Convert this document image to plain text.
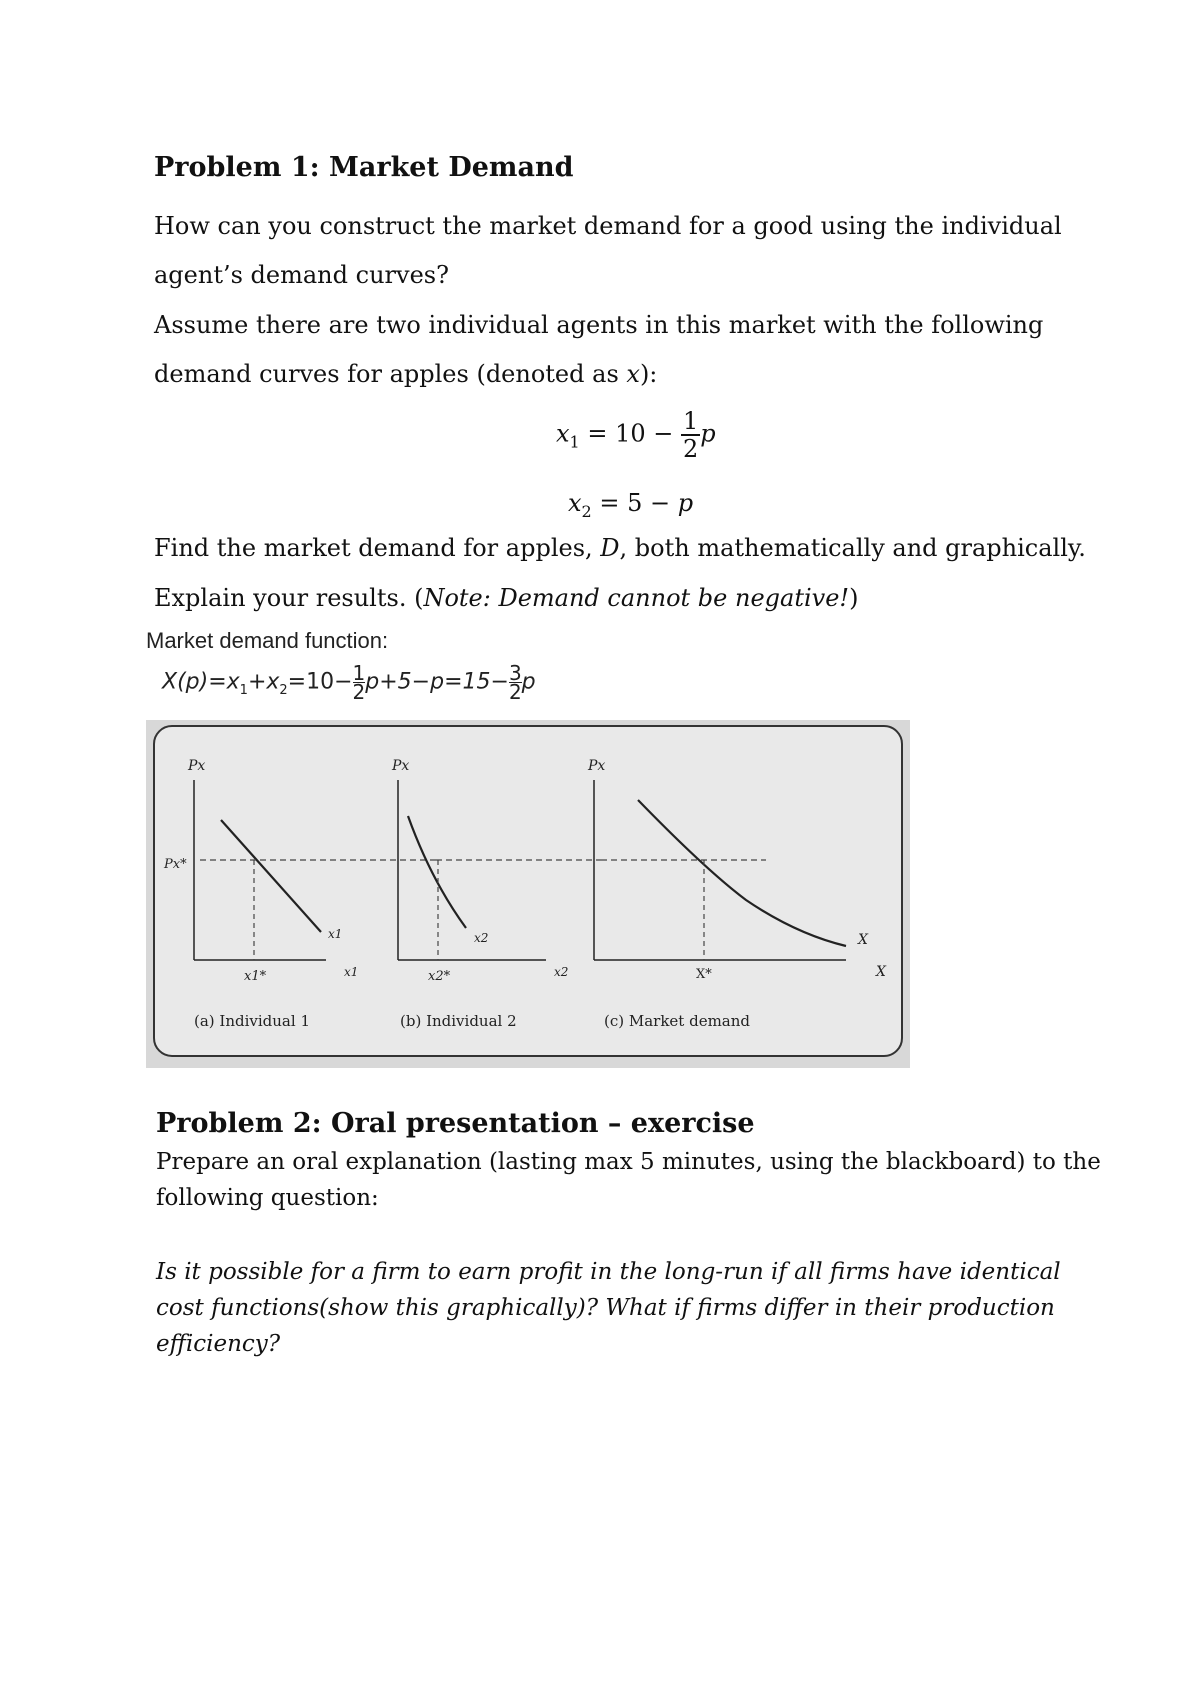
Problem 1: Market Demand
How can you construct the market demand for a good using the individual
agent’s demand curves?
Assume there are two individual agents in this market with the following
demand curves for apples (denoted as x):
$x_1 = 10 - \frac{1}{2}$ p
$x_2 = 5 - p$
Find the market demand for apples, D, both mathematically and graphically.
Explain your results. (Note: Demand cannot be negative!)
Market demand function:
$X(p)=x_1+x_2=10- \frac{1}{2} p+5-p=15- \frac{3}{2}$ p
Px
Px*
x1
x1
x1*
(a) Individual 1
Px
x2
x2
x2*
(b) Individual 2
Px
X
X
X*
(c) Market demand
Problem 2: Oral presentation – exercise
Prepare an oral explanation (lasting max 5 minutes, using the blackboard) to the
following question:
Is it possible for a firm to earn profit in the long-run if all firms have identical
cost functions(show this graphically)? What if firms differ in their production
efficiency?
